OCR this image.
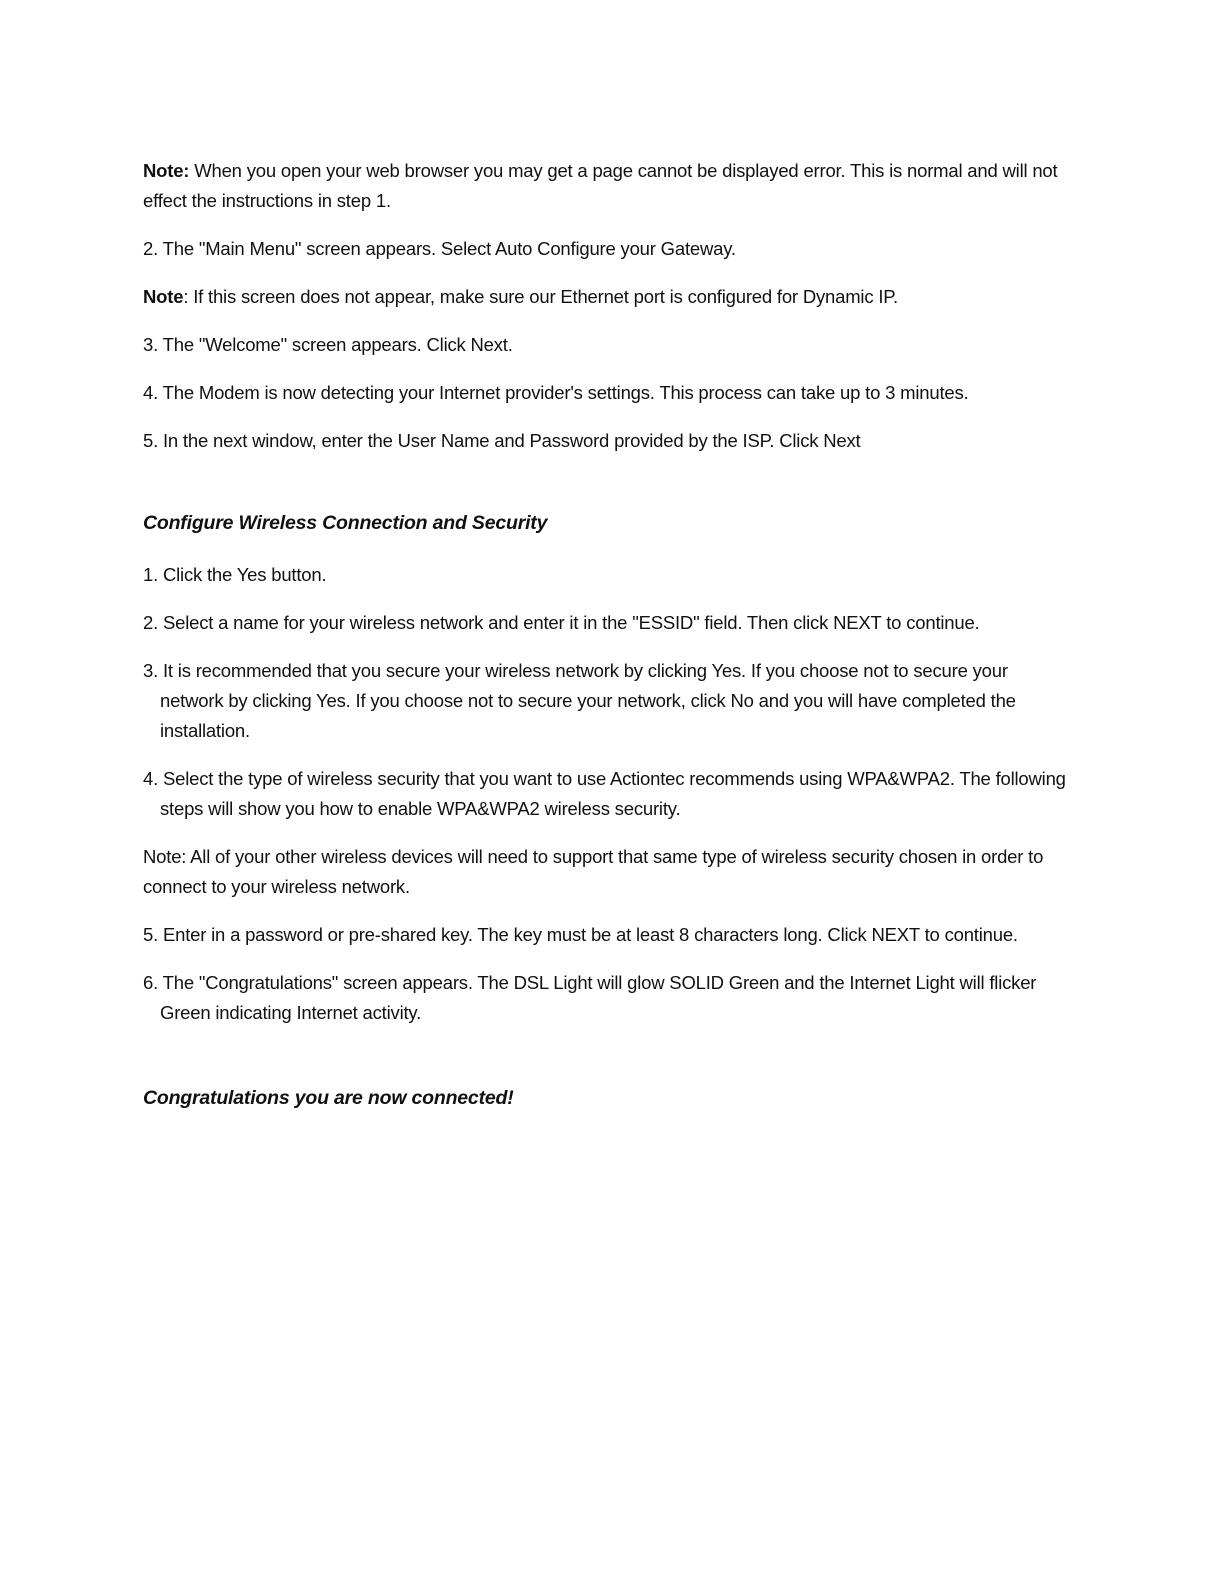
Note: When you open your web browser you may get a page cannot be displayed error. This is normal and will not effect the instructions in step 1.

2. The "Main Menu" screen appears. Select Auto Configure your Gateway.

Note: If this screen does not appear, make sure our Ethernet port is configured for Dynamic IP.

3. The "Welcome" screen appears. Click Next.

4. The Modem is now detecting your Internet provider's settings. This process can take up to 3 minutes.

5. In the next window, enter the User Name and Password provided by the ISP. Click Next

Configure Wireless Connection and Security

1. Click the Yes button.

2. Select a name for your wireless network and enter it in the "ESSID" field. Then click NEXT to continue.

3. It is recommended that you secure your wireless network by clicking Yes. If you choose not to secure your network by clicking Yes. If you choose not to secure your network, click No and you will have completed the installation.

4. Select the type of wireless security that you want to use Actiontec recommends using WPA&WPA2. The following steps will show you how to enable WPA&WPA2 wireless security.

Note: All of your other wireless devices will need to support that same type of wireless security chosen in order to connect to your wireless network.

5. Enter in a password or pre-shared key. The key must be at least 8 characters long. Click NEXT to continue.

6. The "Congratulations" screen appears. The DSL Light will glow SOLID Green and the Internet Light will flicker Green indicating Internet activity.

Congratulations you are now connected!
